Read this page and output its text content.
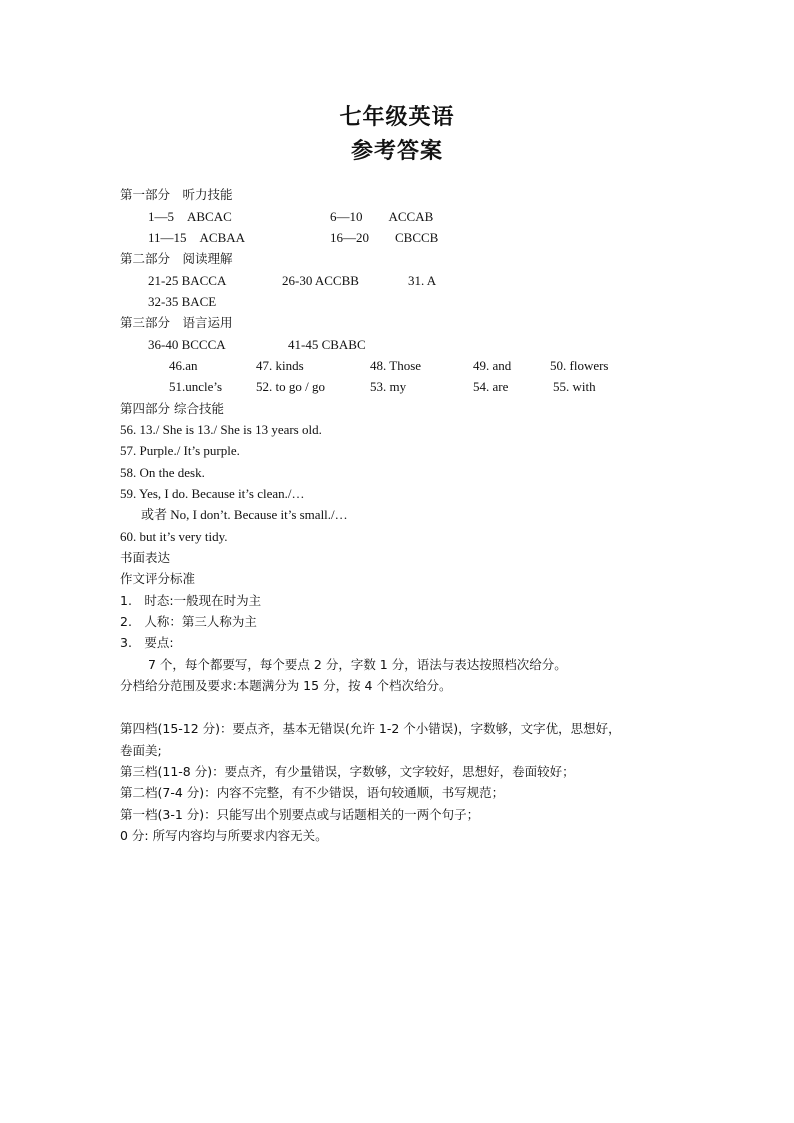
七年级英语
参考答案
第一部分　听力技能
1—5　ABCAC	6—10　　ACCAB
11—15　ACBAA	16—20　　CBCCB
第二部分　阅读理解
21-25 BACCA	26-30 ACCBB	31. A
32-35 BACE
第三部分　语言运用
36-40 BCCCA	41-45 CBABC
46.an	47. kinds	48. Those	49. and	50. flowers
51.uncle’s	52. to go / go	53. my	54. are	55. with
第四部分 综合技能
56. 13./ She is 13./ She is 13 years old.
57. Purple./ It’s purple.
58. On the desk.
59. Yes, I do. Because it’s clean./…
或者 No, I don’t. Because it’s small./…
60. but it’s very tidy.
书面表达
作文评分标准
1.　时态:一般现在时为主
2.　人称：第三人称为主
3.　要点:
7 个，每个都要写，每个要点 2 分，字数 1 分，语法与表达按照档次给分。
分档给分范围及要求:本题满分为 15 分，按 4 个档次给分。
第四档(15-12 分)：要点齐，基本无错误(允许 1-2 个小错误)，字数够，文字优，思想好，
卷面美;
第三档(11-8 分)：要点齐，有少量错误，字数够，文字较好，思想好，卷面较好；
第二档(7-4 分)：内容不完整，有不少错误，语句较通顺，书写规范；
第一档(3-1 分)：只能写出个别要点或与话题相关的一两个句子；
0 分: 所写内容均与所要求内容无关。
